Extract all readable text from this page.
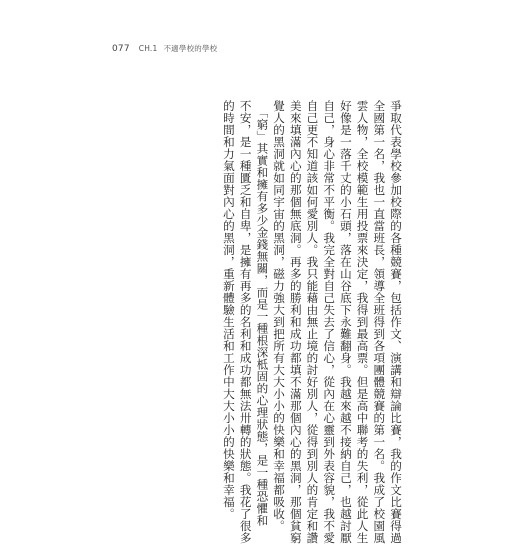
077 CH.1 不適學校的學校
爭取代表學校參加校際的各種競賽，包括作文、演講和辯論比賽，我的作文比賽得過
全國第一名，我也一直當班長，領導全班得到各項團體競賽的第一名。我成了校園風
雲人物，全校模範生用投票來決定，我得到最高票。但是高中聯考的失利，從此人生
好像是一落千丈的小石頭，落在山谷底下永難翻身。我越來越不接納自己，也越討厭
自己，身心非常不平衡。我完全對自己失去了信心，從內在心靈到外表容貌，我不愛
自己更不知道該如何愛別人。我只能藉由無止境的討好別人，從得到別人的肯定和讚
美來填滿內心的那個無底洞。再多的勝利和成功都填不滿那個內心的黑洞，那個貧窮
覺人的黑洞就如同宇宙的黑洞，磁力強大到把所有大大小小的快樂和幸福都吸收。
　「窮」其實和擁有多少金錢無關，而是一種根深柢固的心理狀態，是一種恐懼和
不安，是一種匱乏和自卑，是擁有再多的名利和成功都無法卅轉的狀態。我花了很多
的時間和力氣面對內心的黑洞，重新體驗生活和工作中大大小小的快樂和幸福。
